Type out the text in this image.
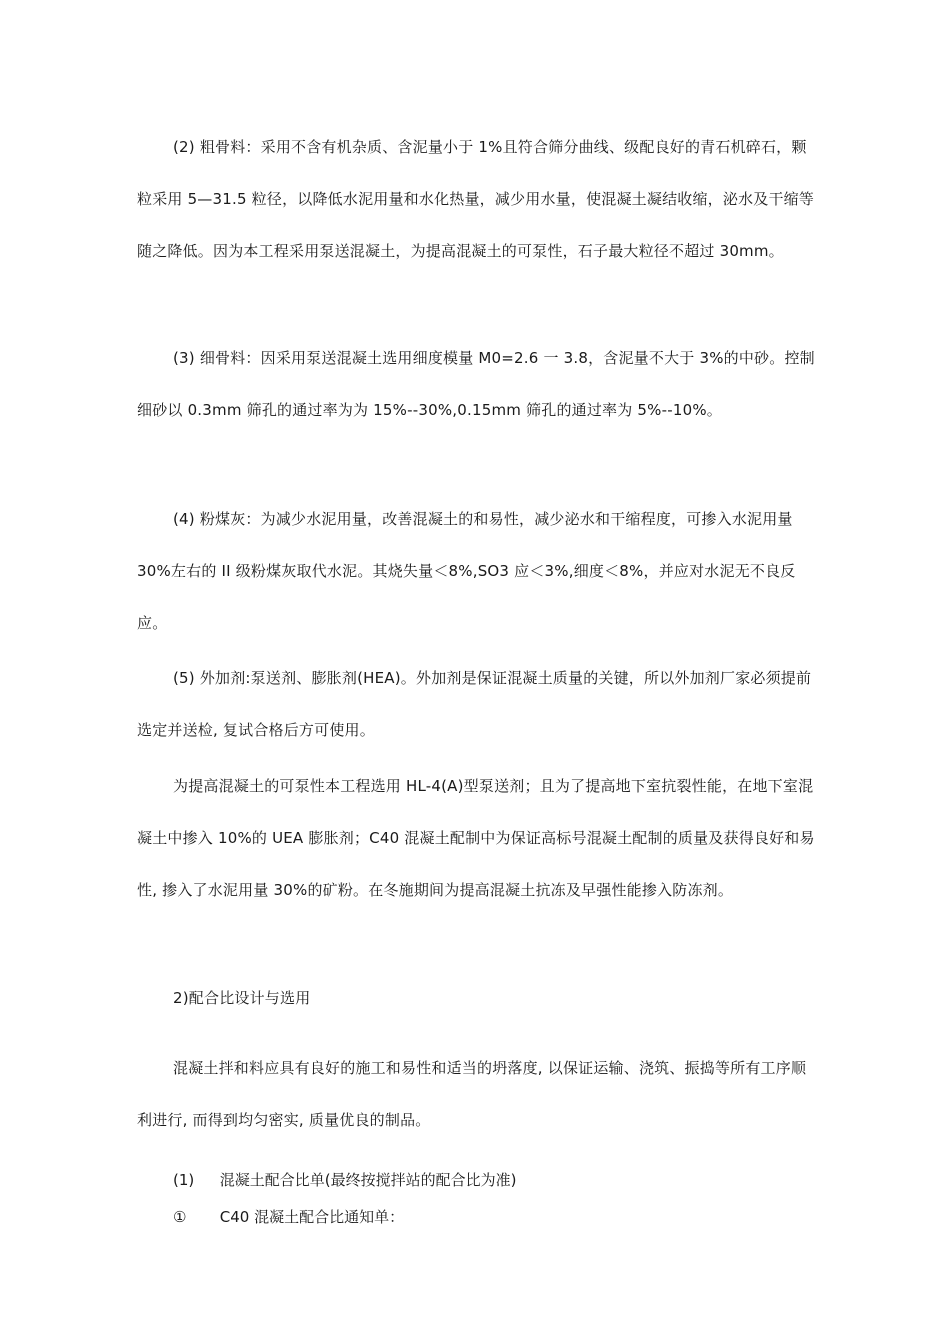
(2) 粗骨料：采用不含有机杂质、含泥量小于 1%且符合筛分曲线、级配良好的青石机碎石，颗粒采用 5—31.5 粒径，以降低水泥用量和水化热量，减少用水量，使混凝土凝结收缩，泌水及干缩等随之降低。因为本工程采用泵送混凝土，为提高混凝土的可泵性，石子最大粒径不超过 30mm。

(3) 细骨料：因采用泵送混凝土选用细度模量 M0=2.6 一 3.8，含泥量不大于 3%的中砂。控制细砂以 0.3mm 筛孔的通过率为为 15%--30%,0.15mm 筛孔的通过率为 5%--10%。

(4) 粉煤灰：为减少水泥用量，改善混凝土的和易性，减少泌水和干缩程度，可掺入水泥用量 30%左右的 II 级粉煤灰取代水泥。其烧失量＜8%,SO3 应＜3%,细度＜8%，并应对水泥无不良反应。

(5) 外加剂:泵送剂、膨胀剂(HEA)。外加剂是保证混凝土质量的关键，所以外加剂厂家必须提前选定并送检, 复试合格后方可使用。

为提高混凝土的可泵性本工程选用 HL-4(A)型泵送剂；且为了提高地下室抗裂性能，在地下室混凝土中掺入 10%的 UEA 膨胀剂；C40 混凝土配制中为保证高标号混凝土配制的质量及获得良好和易性, 掺入了水泥用量 30%的矿粉。在冬施期间为提高混凝土抗冻及早强性能掺入防冻剂。

2)配合比设计与选用

混凝土拌和料应具有良好的施工和易性和适当的坍落度, 以保证运输、浇筑、振捣等所有工序顺利进行, 而得到均匀密实, 质量优良的制品。

(1) 混凝土配合比单(最终按搅拌站的配合比为准)
① C40 混凝土配合比通知单：
